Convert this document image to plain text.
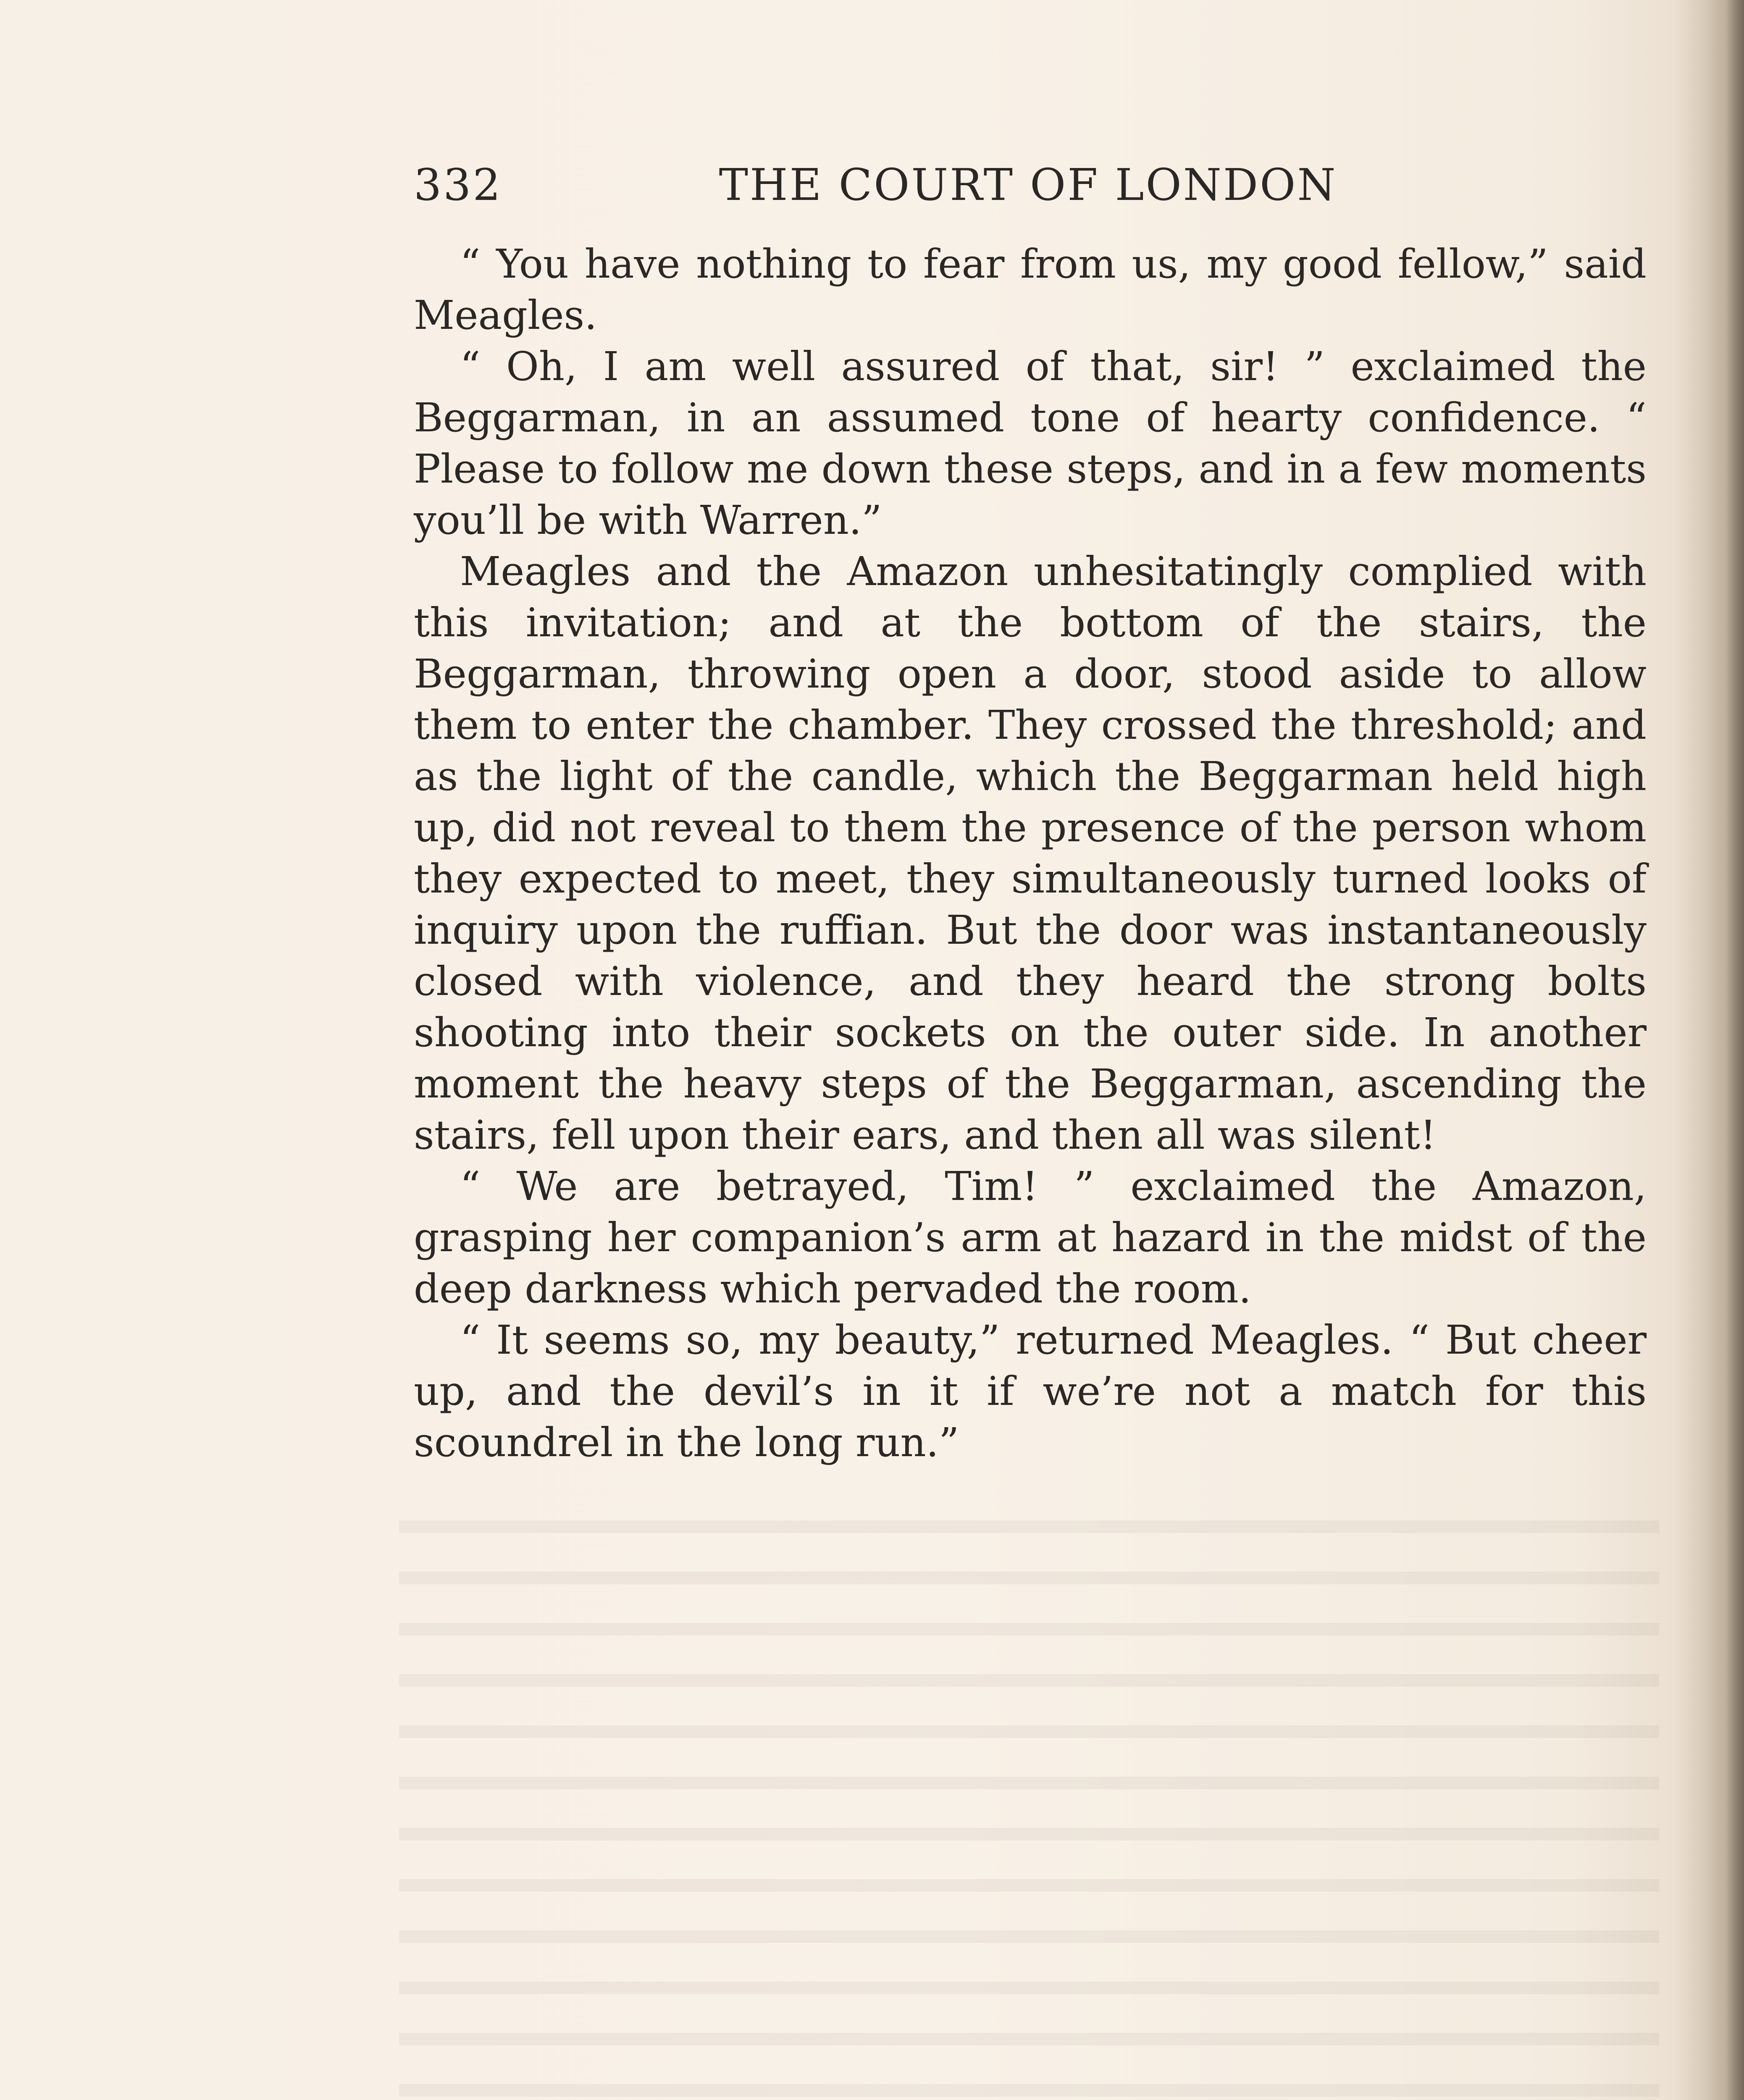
332	THE COURT OF LONDON

“ You have nothing to fear from us, my good fellow,” said Meagles.

“ Oh, I am well assured of that, sir! ” exclaimed the Beggarman, in an assumed tone of hearty confidence. “ Please to follow me down these steps, and in a few moments you’ll be with Warren.”

Meagles and the Amazon unhesitatingly complied with this invitation; and at the bottom of the stairs, the Beggarman, throwing open a door, stood aside to allow them to enter the chamber. They crossed the threshold; and as the light of the candle, which the Beggarman held high up, did not reveal to them the presence of the person whom they expected to meet, they simultaneously turned looks of inquiry upon the ruffian. But the door was instantaneously closed with violence, and they heard the strong bolts shooting into their sockets on the outer side. In another moment the heavy steps of the Beggarman, ascending the stairs, fell upon their ears, and then all was silent!

“ We are betrayed, Tim! ” exclaimed the Amazon, grasping her companion’s arm at hazard in the midst of the deep darkness which pervaded the room.

“ It seems so, my beauty,” returned Meagles. “ But cheer up, and the devil’s in it if we’re not a match for this scoundrel in the long run.”
